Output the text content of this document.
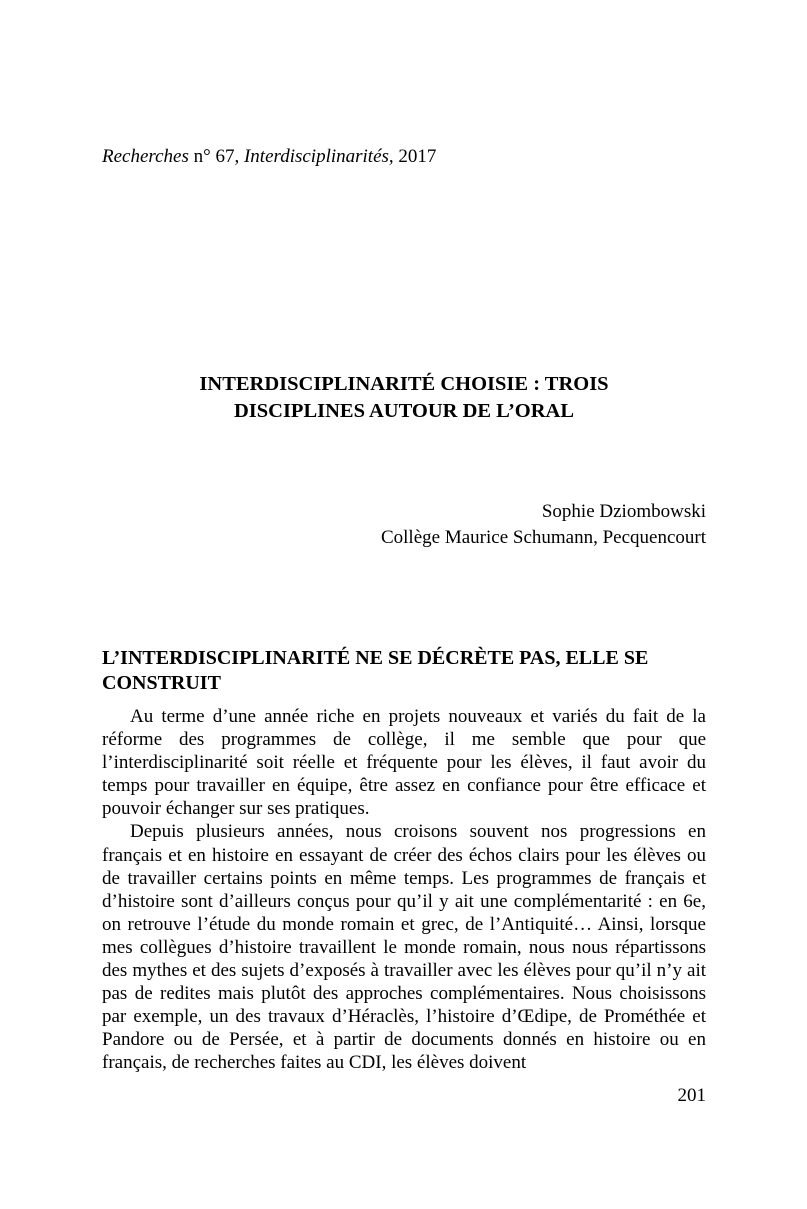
Recherches n° 67, Interdisciplinarités, 2017
INTERDISCIPLINARITÉ CHOISIE : TROIS
DISCIPLINES AUTOUR DE L’ORAL
Sophie Dziombowski
Collège Maurice Schumann, Pecquencourt
L’INTERDISCIPLINARITÉ NE SE DÉCRÈTE PAS, ELLE SE CONSTRUIT

Au terme d’une année riche en projets nouveaux et variés du fait de la réforme des programmes de collège, il me semble que pour que l’interdisciplinarité soit réelle et fréquente pour les élèves, il faut avoir du temps pour travailler en équipe, être assez en confiance pour être efficace et pouvoir échanger sur ses pratiques.

Depuis plusieurs années, nous croisons souvent nos progressions en français et en histoire en essayant de créer des échos clairs pour les élèves ou de travailler certains points en même temps. Les programmes de français et d’histoire sont d’ailleurs conçus pour qu’il y ait une complémentarité : en 6e, on retrouve l’étude du monde romain et grec, de l’Antiquité… Ainsi, lorsque mes collègues d’histoire travaillent le monde romain, nous nous répartissons des mythes et des sujets d’exposés à travailler avec les élèves pour qu’il n’y ait pas de redites mais plutôt des approches complémentaires. Nous choisissons par exemple, un des travaux d’Héraclès, l’histoire d’Œdipe, de Prométhée et Pandore ou de Persée, et à partir de documents donnés en histoire ou en français, de recherches faites au CDI, les élèves doivent

201
